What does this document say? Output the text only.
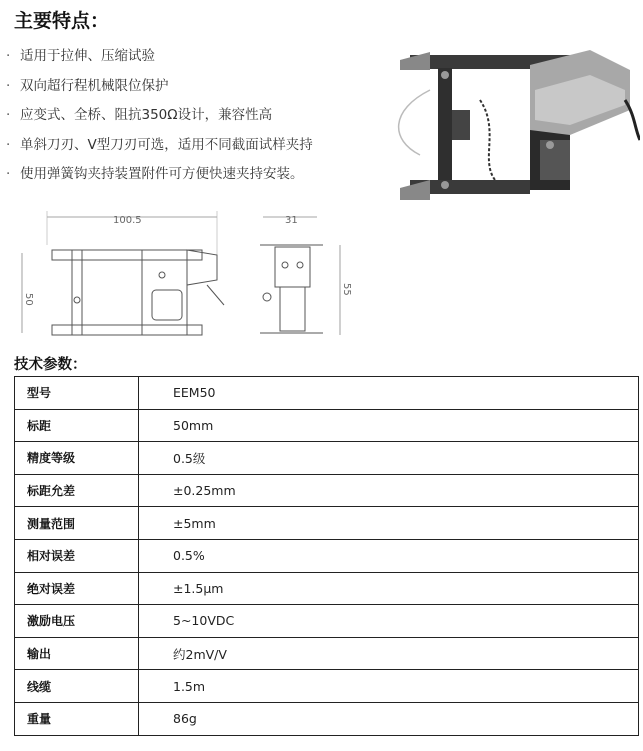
主要特点：
· 适用于拉伸、压缩试验
· 双向超行程机械限位保护
· 应变式、全桥、阻抗350Ω设计，兼容性高
· 单斜刀刃、V型刀刃可选，适用不同截面试样夹持
· 使用弹簧钩夹持装置附件可方便快速夹持安装。
100.5
50
31
55
技术参数：
型号	EEM50
标距	50mm
精度等级	0.5级
标距允差	±0.25mm
测量范围	±5mm
相对误差	0.5%
绝对误差	±1.5μm
激励电压	5~10VDC
输出	约2mV/V
线缆	1.5m
重量	86g
